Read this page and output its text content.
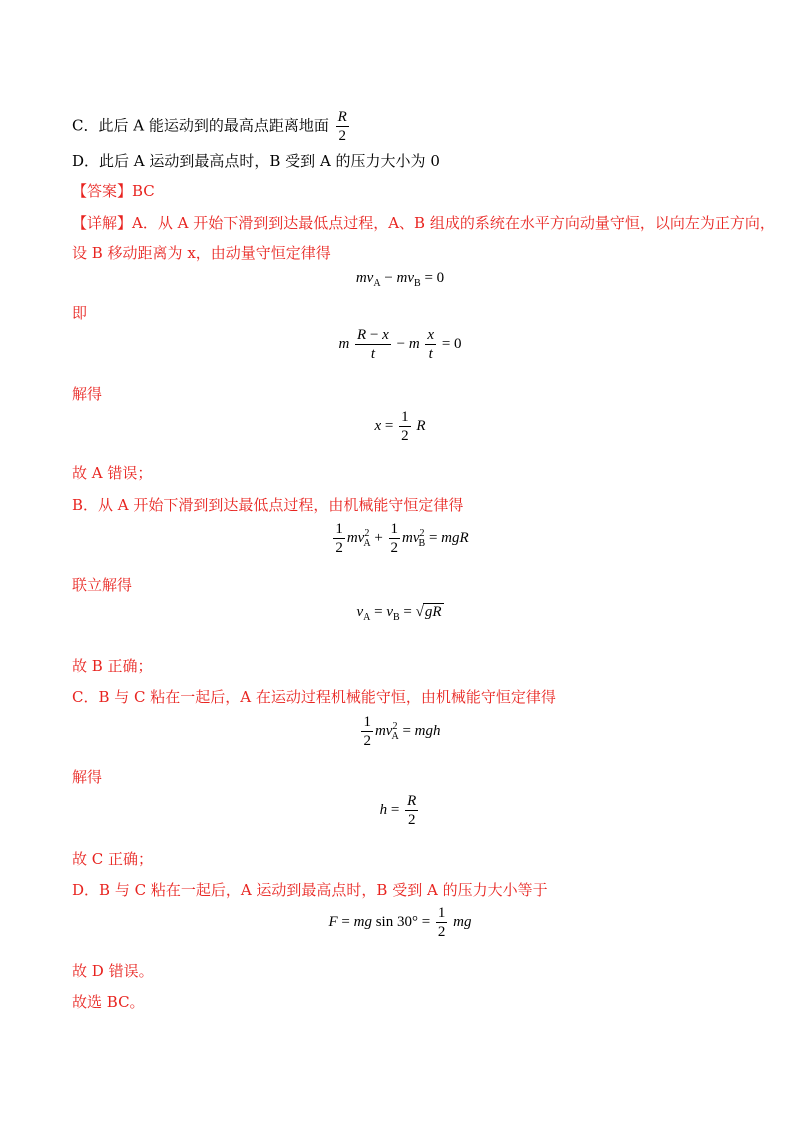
C．此后 A 能运动到的最高点距离地面 $\frac{R}{2}$
D．此后 A 运动到最高点时，B 受到 A 的压力大小为 0
【答案】BC
【详解】A．从 A 开始下滑到到达最低点过程，A、B 组成的系统在水平方向动量守恒，以向左为正方向，
设 B 移动距离为 x，由动量守恒定律得
$mv_A - mv_B = 0$
即
m $\frac{R - x}{t} - m \frac{x}{t} = 0$
解得
$x = \frac{1}{2}$ R
故 A 错误；
B．从 A 开始下滑到到达最低点过程，由机械能守恒定律得
$\frac{1}{2} mv^2_A + \frac{1}{2} mv^2_B$ = mgR
联立解得
$v_A = v_B = √gR$
故 B 正确；
C．B 与 C 粘在一起后，A 在运动过程机械能守恒，由机械能守恒定律得
$\frac{1}{2} mv^2_A$ = mgh
解得
$h = \frac{R}{2}$
故 C 正确；
D．B 与 C 粘在一起后，A 运动到最高点时，B 受到 A 的压力大小等于
F = mg $\sin 30^\circ = \frac{1}{2}$ mg
故 D 错误。
故选 BC。
